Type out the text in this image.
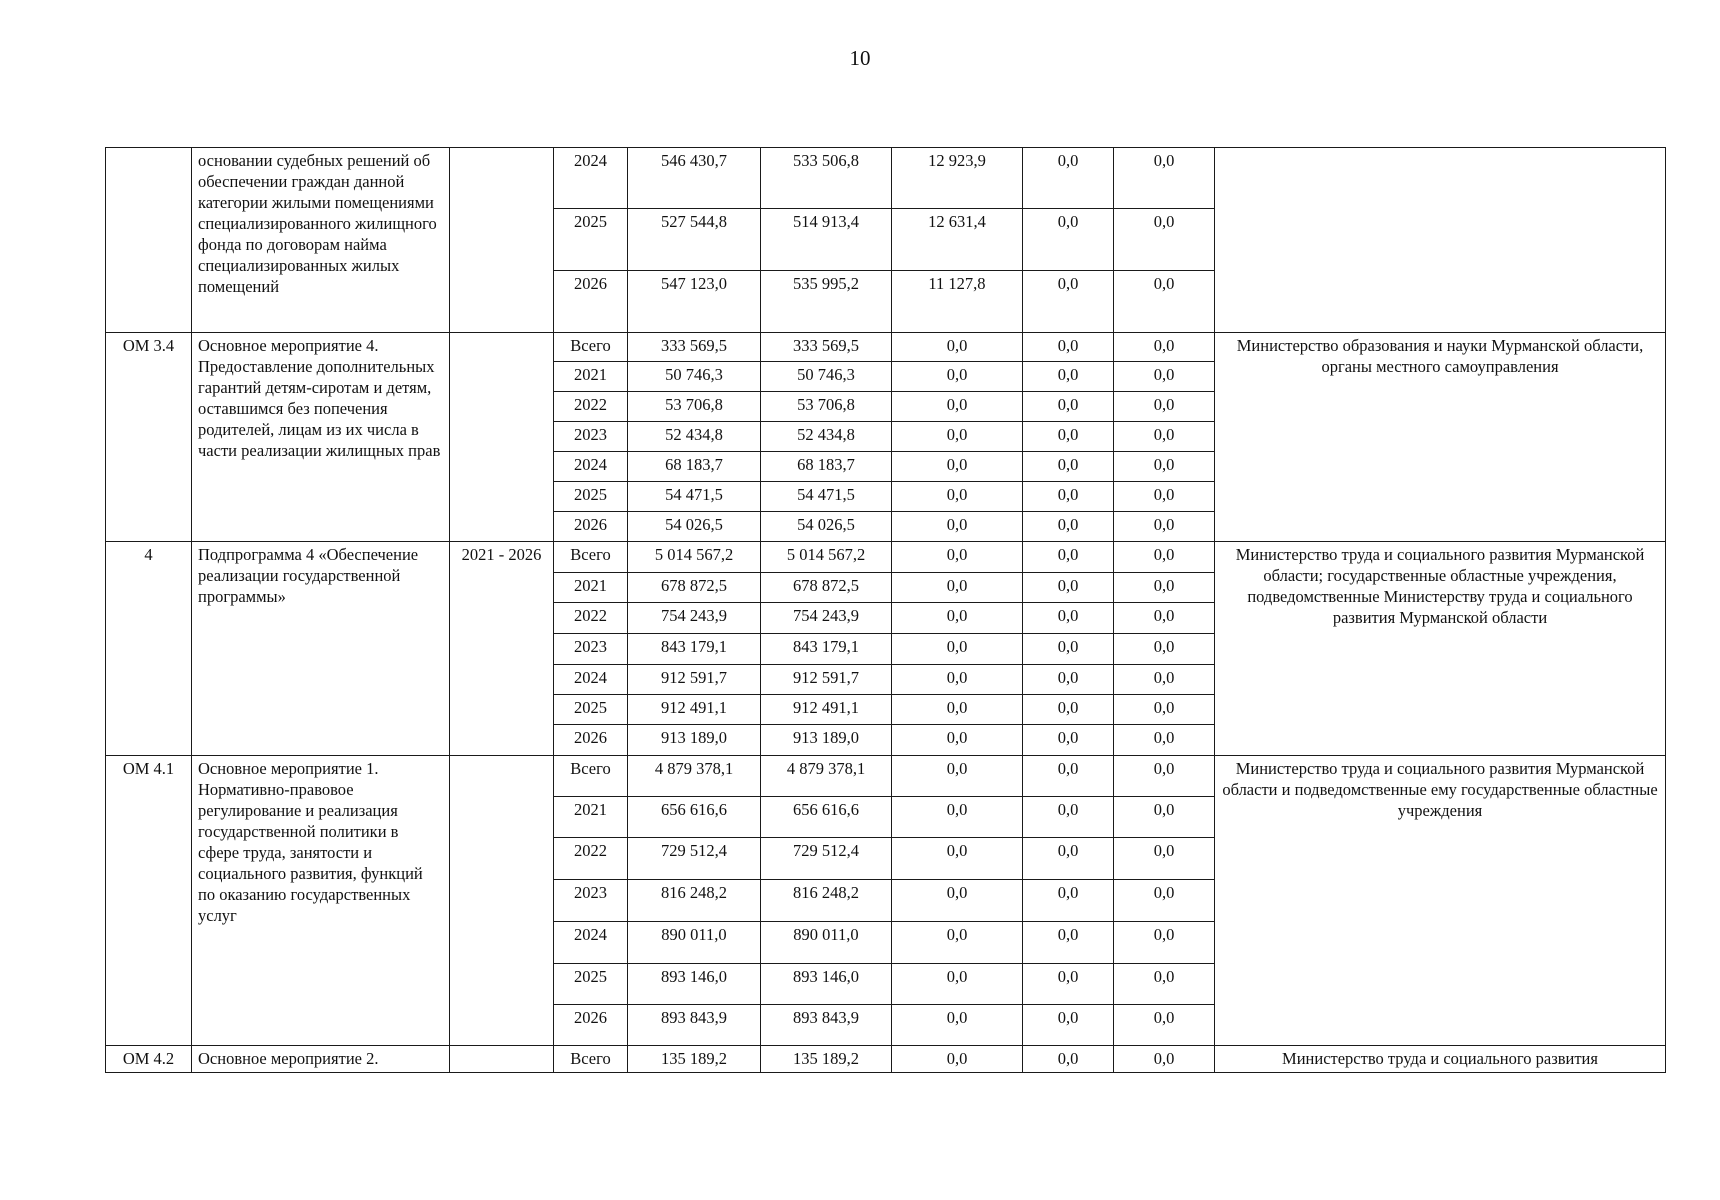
10
	основании судебных решений об обеспечении граждан данной категории жилыми помещениями специализированного жилищного фонда по договорам найма специализированных жилых помещений		2024	546 430,7	533 506,8	12 923,9	0,0	0,0	
			2025	527 544,8	514 913,4	12 631,4	0,0	0,0	
			2026	547 123,0	535 995,2	11 127,8	0,0	0,0	
ОМ 3.4	Основное мероприятие 4. Предоставление дополнительных гарантий детям-сиротам и детям, оставшимся без попечения родителей, лицам из их числа в части реализации жилищных прав		Всего	333 569,5	333 569,5	0,0	0,0	0,0	Министерство образования и науки Мурманской области, органы местного самоуправления
			2021	50 746,3	50 746,3	0,0	0,0	0,0	
			2022	53 706,8	53 706,8	0,0	0,0	0,0	
			2023	52 434,8	52 434,8	0,0	0,0	0,0	
			2024	68 183,7	68 183,7	0,0	0,0	0,0	
			2025	54 471,5	54 471,5	0,0	0,0	0,0	
			2026	54 026,5	54 026,5	0,0	0,0	0,0	
4	Подпрограмма 4 «Обеспечение реализации государственной программы»	2021 - 2026	Всего	5 014 567,2	5 014 567,2	0,0	0,0	0,0	Министерство труда и социального развития Мурманской области; государственные областные учреждения, подведомственные Министерству труда и социального развития Мурманской области
			2021	678 872,5	678 872,5	0,0	0,0	0,0	
			2022	754 243,9	754 243,9	0,0	0,0	0,0	
			2023	843 179,1	843 179,1	0,0	0,0	0,0	
			2024	912 591,7	912 591,7	0,0	0,0	0,0	
			2025	912 491,1	912 491,1	0,0	0,0	0,0	
			2026	913 189,0	913 189,0	0,0	0,0	0,0	
ОМ 4.1	Основное мероприятие 1. Нормативно-правовое регулирование и реализация государственной политики в сфере труда, занятости и социального развития, функций по оказанию государственных услуг		Всего	4 879 378,1	4 879 378,1	0,0	0,0	0,0	Министерство труда и социального развития Мурманской области и подведомственные ему государственные областные учреждения
			2021	656 616,6	656 616,6	0,0	0,0	0,0	
			2022	729 512,4	729 512,4	0,0	0,0	0,0	
			2023	816 248,2	816 248,2	0,0	0,0	0,0	
			2024	890 011,0	890 011,0	0,0	0,0	0,0	
			2025	893 146,0	893 146,0	0,0	0,0	0,0	
			2026	893 843,9	893 843,9	0,0	0,0	0,0	
ОМ 4.2	Основное мероприятие 2.		Всего	135 189,2	135 189,2	0,0	0,0	0,0	Министерство труда и социального развития
